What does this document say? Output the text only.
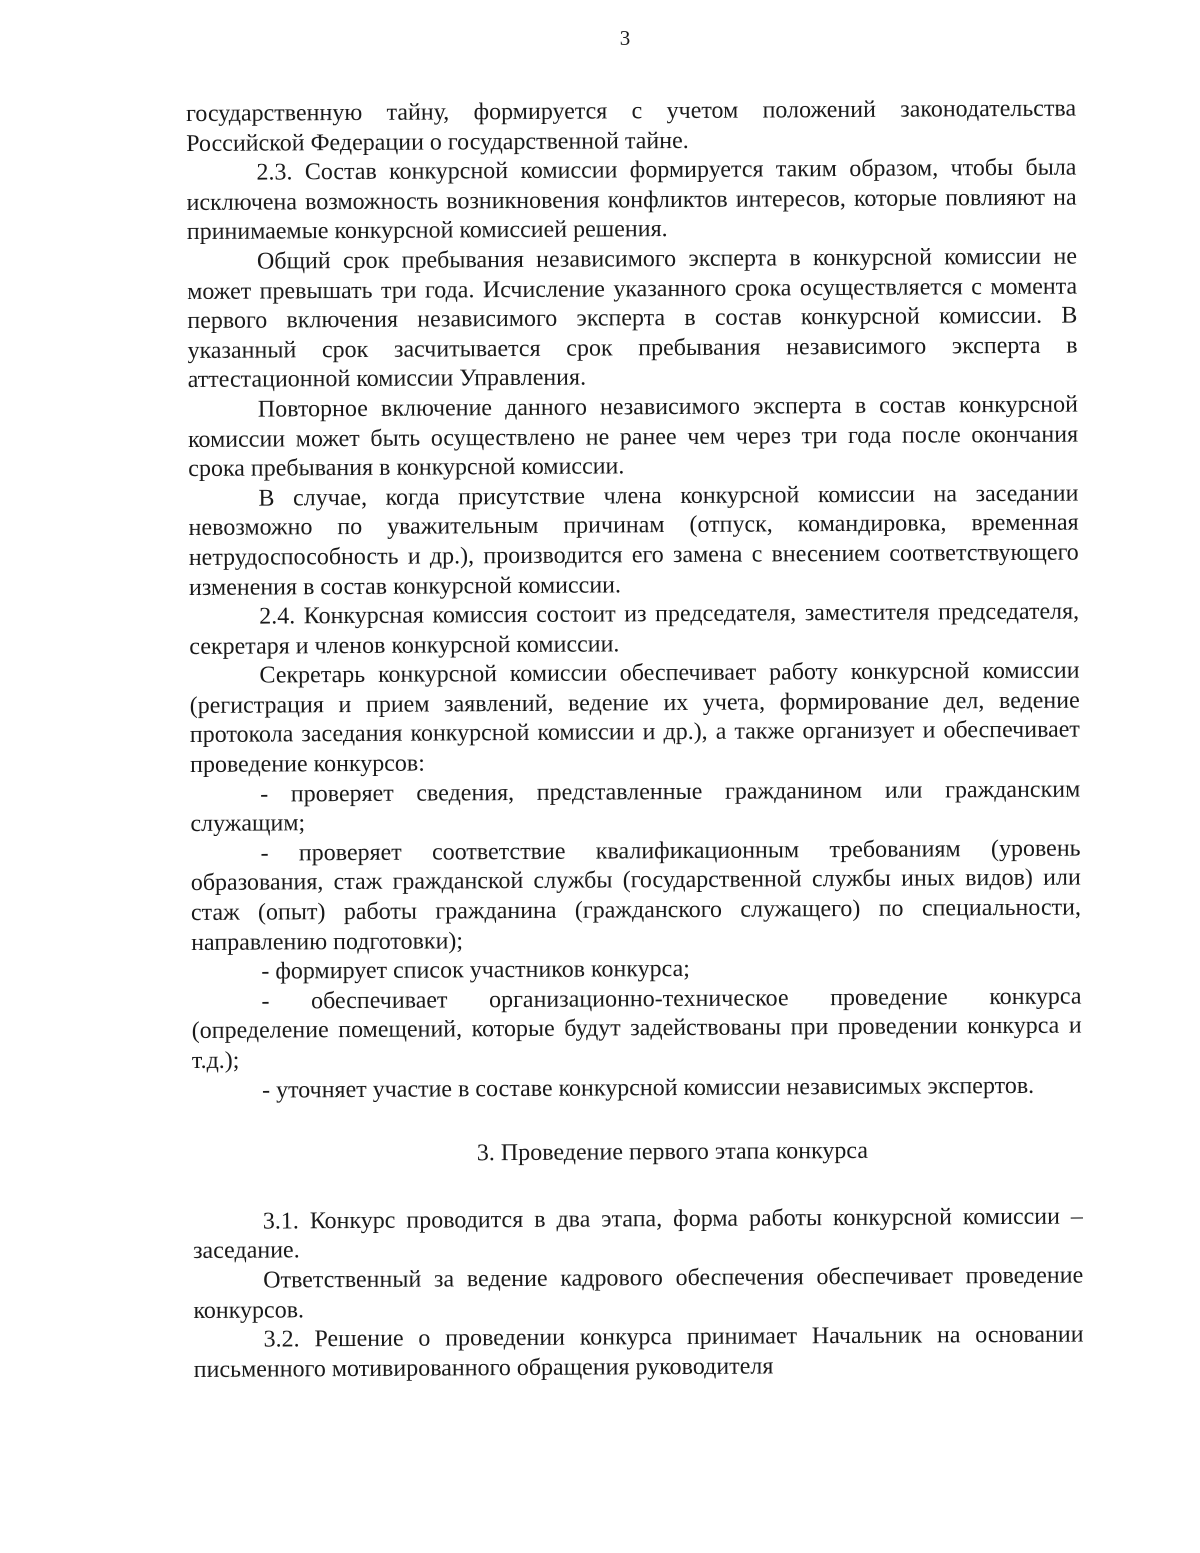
3

государственную тайну, формируется с учетом положений законодательства Российской Федерации о государственной тайне.

2.3. Состав конкурсной комиссии формируется таким образом, чтобы была исключена возможность возникновения конфликтов интересов, которые повлияют на принимаемые конкурсной комиссией решения.

Общий срок пребывания независимого эксперта в конкурсной комиссии не может превышать три года. Исчисление указанного срока осуществляется с момента первого включения независимого эксперта в состав конкурсной комиссии. В указанный срок засчитывается срок пребывания независимого эксперта в аттестационной комиссии Управления.

Повторное включение данного независимого эксперта в состав конкурсной комиссии может быть осуществлено не ранее чем через три года после окончания срока пребывания в конкурсной комиссии.

В случае, когда присутствие члена конкурсной комиссии на заседании невозможно по уважительным причинам (отпуск, командировка, временная нетрудоспособность и др.), производится его замена с внесением соответствующего изменения в состав конкурсной комиссии.

2.4. Конкурсная комиссия состоит из председателя, заместителя председателя, секретаря и членов конкурсной комиссии.

Секретарь конкурсной комиссии обеспечивает работу конкурсной комиссии (регистрация и прием заявлений, ведение их учета, формирование дел, ведение протокола заседания конкурсной комиссии и др.), а также организует и обеспечивает проведение конкурсов:

- проверяет сведения, представленные гражданином или гражданским служащим;

- проверяет соответствие квалификационным требованиям (уровень образования, стаж гражданской службы (государственной службы иных видов) или стаж (опыт) работы гражданина (гражданского служащего) по специальности, направлению подготовки);

- формирует список участников конкурса;

- обеспечивает организационно-техническое проведение конкурса (определение помещений, которые будут задействованы при проведении конкурса и т.д.);

- уточняет участие в составе конкурсной комиссии независимых экспертов.

3. Проведение первого этапа конкурса

3.1. Конкурс проводится в два этапа, форма работы конкурсной комиссии – заседание.

Ответственный за ведение кадрового обеспечения обеспечивает проведение конкурсов.

3.2. Решение о проведении конкурса принимает Начальник на основании письменного мотивированного обращения руководителя
